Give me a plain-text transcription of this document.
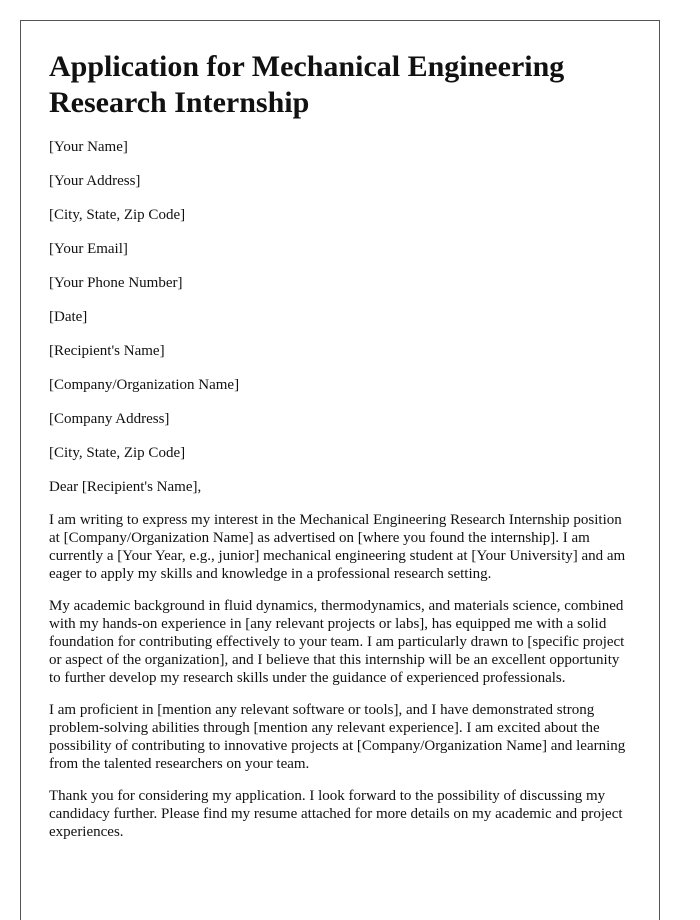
Application for Mechanical Engineering Research Internship
[Your Name]
[Your Address]
[City, State, Zip Code]
[Your Email]
[Your Phone Number]
[Date]
[Recipient's Name]
[Company/Organization Name]
[Company Address]
[City, State, Zip Code]
Dear [Recipient's Name],

I am writing to express my interest in the Mechanical Engineering Research Internship position at [Company/Organization Name] as advertised on [where you found the internship]. I am currently a [Your Year, e.g., junior] mechanical engineering student at [Your University] and am eager to apply my skills and knowledge in a professional research setting.

My academic background in fluid dynamics, thermodynamics, and materials science, combined with my hands-on experience in [any relevant projects or labs], has equipped me with a solid foundation for contributing effectively to your team. I am particularly drawn to [specific project or aspect of the organization], and I believe that this internship will be an excellent opportunity to further develop my research skills under the guidance of experienced professionals.

I am proficient in [mention any relevant software or tools], and I have demonstrated strong problem-solving abilities through [mention any relevant experience]. I am excited about the possibility of contributing to innovative projects at [Company/Organization Name] and learning from the talented researchers on your team.

Thank you for considering my application. I look forward to the possibility of discussing my candidacy further. Please find my resume attached for more details on my academic and project experiences.
